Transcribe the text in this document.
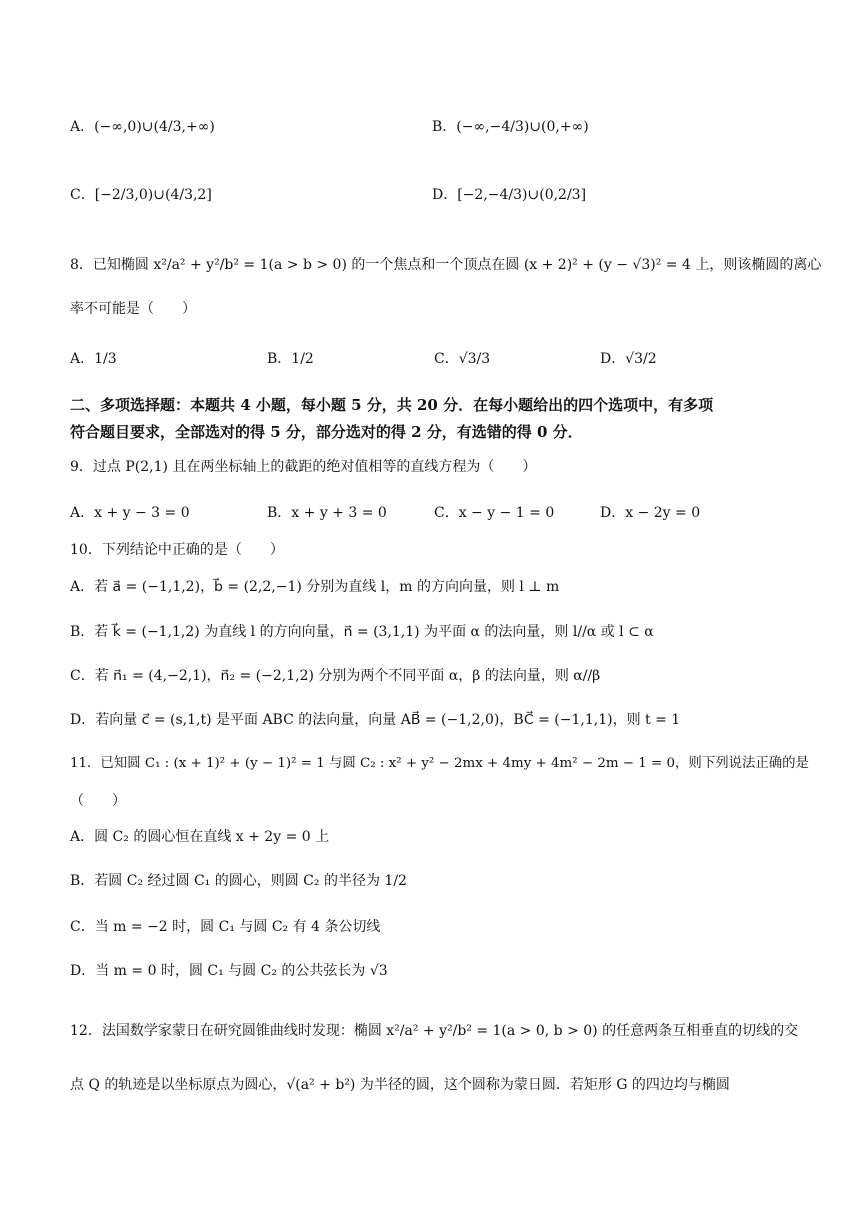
A．(−∞,0)∪(4/3,+∞)	B．(−∞,−4/3)∪(0,+∞)
C．[−2/3,0)∪(4/3,2]	D．[−2,−4/3)∪(0,2/3]
8．已知椭圆 x²/a² + y²/b² = 1(a > b > 0) 的一个焦点和一个顶点在圆 (x + 2)² + (y − √3)² = 4 上，则该椭圆的离心
率不可能是（　　）
A．1/3	B．1/2	C．√3/3	D．√3/2
二、多项选择题：本题共 4 小题，每小题 5 分，共 20 分．在每小题给出的四个选项中，有多项
符合题目要求，全部选对的得 5 分，部分选对的得 2 分，有选错的得 0 分．
9．过点 P(2,1) 且在两坐标轴上的截距的绝对值相等的直线方程为（　　）
A．x + y − 3 = 0	B．x + y + 3 = 0	C．x − y − 1 = 0	D．x − 2y = 0
10．下列结论中正确的是（　　）
A．若 a⃗ = (−1,1,2)，b⃗ = (2,2,−1) 分别为直线 l，m 的方向向量，则 l ⊥ m
B．若 k⃗ = (−1,1,2) 为直线 l 的方向向量，n⃗ = (3,1,1) 为平面 α 的法向量，则 l//α 或 l ⊂ α
C．若 n⃗₁ = (4,−2,1)，n⃗₂ = (−2,1,2) 分别为两个不同平面 α，β 的法向量，则 α//β
D．若向量 c⃗ = (s,1,t) 是平面 ABC 的法向量，向量 AB⃗ = (−1,2,0)，BC⃗ = (−1,1,1)，则 t = 1
11．已知圆 C₁ : (x + 1)² + (y − 1)² = 1 与圆 C₂ : x² + y² − 2mx + 4my + 4m² − 2m − 1 = 0，则下列说法正确的是
（　　）
A．圆 C₂ 的圆心恒在直线 x + 2y = 0 上
B．若圆 C₂ 经过圆 C₁ 的圆心，则圆 C₂ 的半径为 1/2
C．当 m = −2 时，圆 C₁ 与圆 C₂ 有 4 条公切线
D．当 m = 0 时，圆 C₁ 与圆 C₂ 的公共弦长为 √3
12．法国数学家蒙日在研究圆锥曲线时发现：椭圆 x²/a² + y²/b² = 1(a > 0, b > 0) 的任意两条互相垂直的切线的交
点 Q 的轨迹是以坐标原点为圆心，√(a² + b²) 为半径的圆，这个圆称为蒙日圆．若矩形 G 的四边均与椭圆
